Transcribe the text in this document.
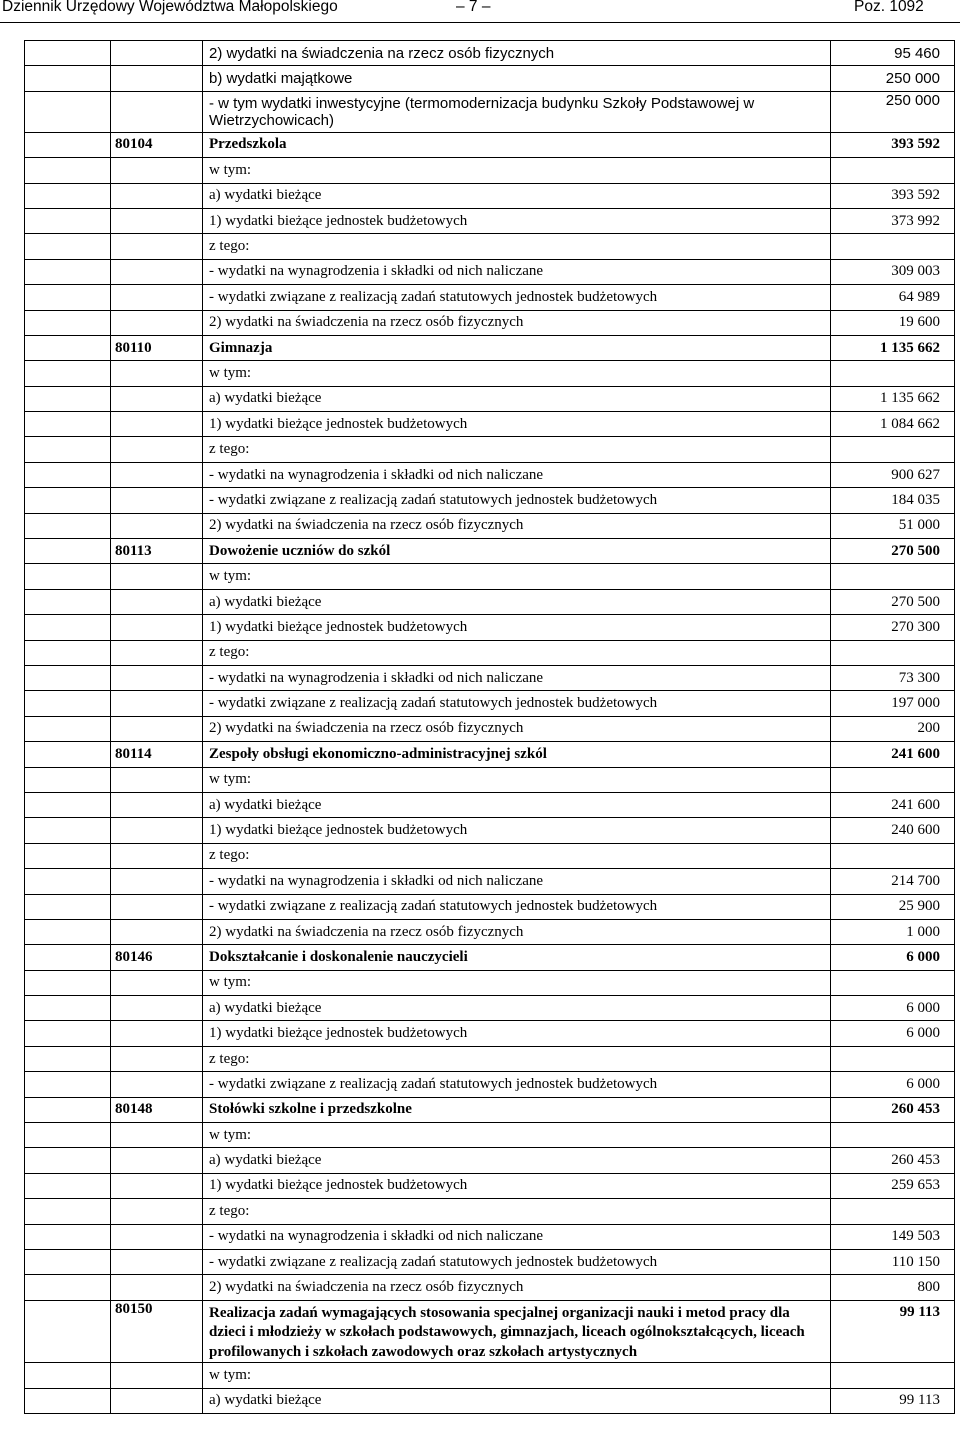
Dziennik Urzędowy Województwa Małopolskiego	– 7 –	Poz. 1092
		2) wydatki na świadczenia na rzecz osób fizycznych	95 460
		b) wydatki majątkowe	250 000
		- w tym wydatki inwestycyjne (termomodernizacja budynku Szkoły Podstawowej w Wietrzychowicach)	250 000
	80104	Przedszkola	393 592
		w tym:	
		a) wydatki bieżące	393 592
		1) wydatki bieżące jednostek budżetowych	373 992
		z tego:	
		- wydatki na wynagrodzenia i składki od nich naliczane	309 003
		- wydatki związane z realizacją zadań statutowych jednostek budżetowych	64 989
		2) wydatki na świadczenia na rzecz osób fizycznych	19 600
	80110	Gimnazja	1 135 662
		w tym:	
		a) wydatki bieżące	1 135 662
		1) wydatki bieżące jednostek budżetowych	1 084 662
		z tego:	
		- wydatki na wynagrodzenia i składki od nich naliczane	900 627
		- wydatki związane z realizacją zadań statutowych jednostek budżetowych	184 035
		2) wydatki na świadczenia na rzecz osób fizycznych	51 000
	80113	Dowożenie uczniów do szkól	270 500
		w tym:	
		a) wydatki bieżące	270 500
		1) wydatki bieżące jednostek budżetowych	270 300
		z tego:	
		- wydatki na wynagrodzenia i składki od nich naliczane	73 300
		- wydatki związane z realizacją zadań statutowych jednostek budżetowych	197 000
		2) wydatki na świadczenia na rzecz osób fizycznych	200
	80114	Zespoły obsługi ekonomiczno-administracyjnej szkól	241 600
		w tym:	
		a) wydatki bieżące	241 600
		1) wydatki bieżące jednostek budżetowych	240 600
		z tego:	
		- wydatki na wynagrodzenia i składki od nich naliczane	214 700
		- wydatki związane z realizacją zadań statutowych jednostek budżetowych	25 900
		2) wydatki na świadczenia na rzecz osób fizycznych	1 000
	80146	Dokształcanie i doskonalenie nauczycieli	6 000
		w tym:	
		a) wydatki bieżące	6 000
		1) wydatki bieżące jednostek budżetowych	6 000
		z tego:	
		- wydatki związane z realizacją zadań statutowych jednostek budżetowych	6 000
	80148	Stołówki szkolne i przedszkolne	260 453
		w tym:	
		a) wydatki bieżące	260 453
		1) wydatki bieżące jednostek budżetowych	259 653
		z tego:	
		- wydatki na wynagrodzenia i składki od nich naliczane	149 503
		- wydatki związane z realizacją zadań statutowych jednostek budżetowych	110 150
		2) wydatki na świadczenia na rzecz osób fizycznych	800
	80150	Realizacja zadań wymagających stosowania specjalnej organizacji nauki i metod pracy dla dzieci i młodzieży w szkołach podstawowych, gimnazjach, liceach ogólnokształcących, liceach profilowanych i szkołach zawodowych oraz szkołach artystycznych	99 113
		w tym:	
		a) wydatki bieżące	99 113
